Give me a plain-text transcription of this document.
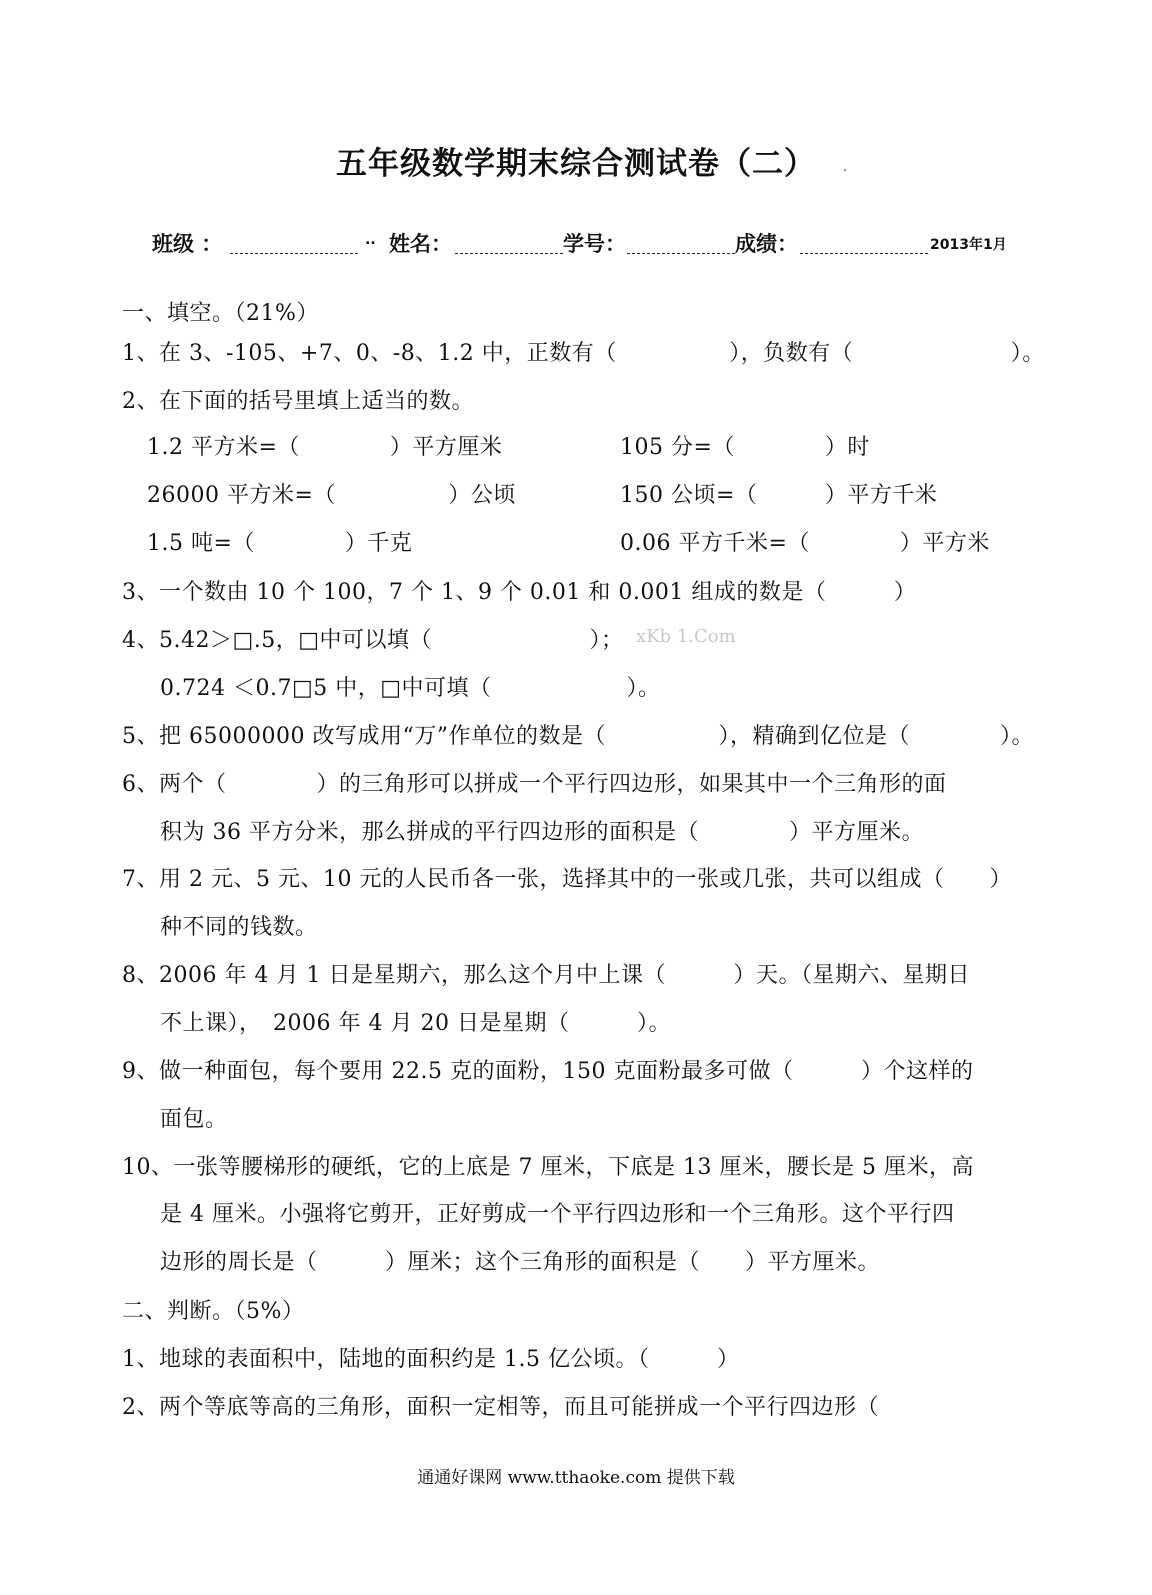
五年级数学期末综合测试卷（二）	.
班级 ：	.. 姓名：	学号：	成绩：	2013年1月
一、填空。（21%）
1、在 3、-105、+7、0、-8、1.2 中，正数有（　　　　　），负数有（　　　　　　　）。
2、在下面的括号里填上适当的数。
1.2 平方米=（　　　　）平方厘米	105 分=（　　　　）时
26000 平方米=（　　　　　）公顷	150 公顷=（　　　）平方千米
1.5 吨=（　　　　）千克	0.06 平方千米=（　　　　）平方米
3、一个数由 10 个 100，7 个 1、9 个 0.01 和 0.001 组成的数是（　　　）
4、5.42＞□.5，□中可以填（　　　　　　　）； xKb 1.Com
0.724 ＜0.7□5 中，□中可填（　　　　　　）。
5、把 65000000 改写成用“万”作单位的数是（　　　　　），精确到亿位是（　　　　）。
6、两个（　　　　）的三角形可以拼成一个平行四边形，如果其中一个三角形的面
积为 36 平方分米，那么拼成的平行四边形的面积是（　　　　）平方厘米。
7、用 2 元、5 元、10 元的人民币各一张，选择其中的一张或几张，共可以组成（　　）
种不同的钱数。
8、2006 年 4 月 1 日是星期六，那么这个月中上课（　　　）天。（星期六、星期日
不上课），　2006 年 4 月 20 日是星期（　　　）。
9、做一种面包，每个要用 22.5 克的面粉，150 克面粉最多可做（　　　）个这样的
面包。
10、一张等腰梯形的硬纸，它的上底是 7 厘米，下底是 13 厘米，腰长是 5 厘米，高
是 4 厘米。小强将它剪开，正好剪成一个平行四边形和一个三角形。这个平行四
边形的周长是（　　　）厘米；这个三角形的面积是（　　）平方厘米。
二、判断。（5%）
1、地球的表面积中，陆地的面积约是 1.5 亿公顷。（　　　）
2、两个等底等高的三角形，面积一定相等，而且可能拼成一个平行四边形（
通通好课网 www.tthaoke.com 提供下载
